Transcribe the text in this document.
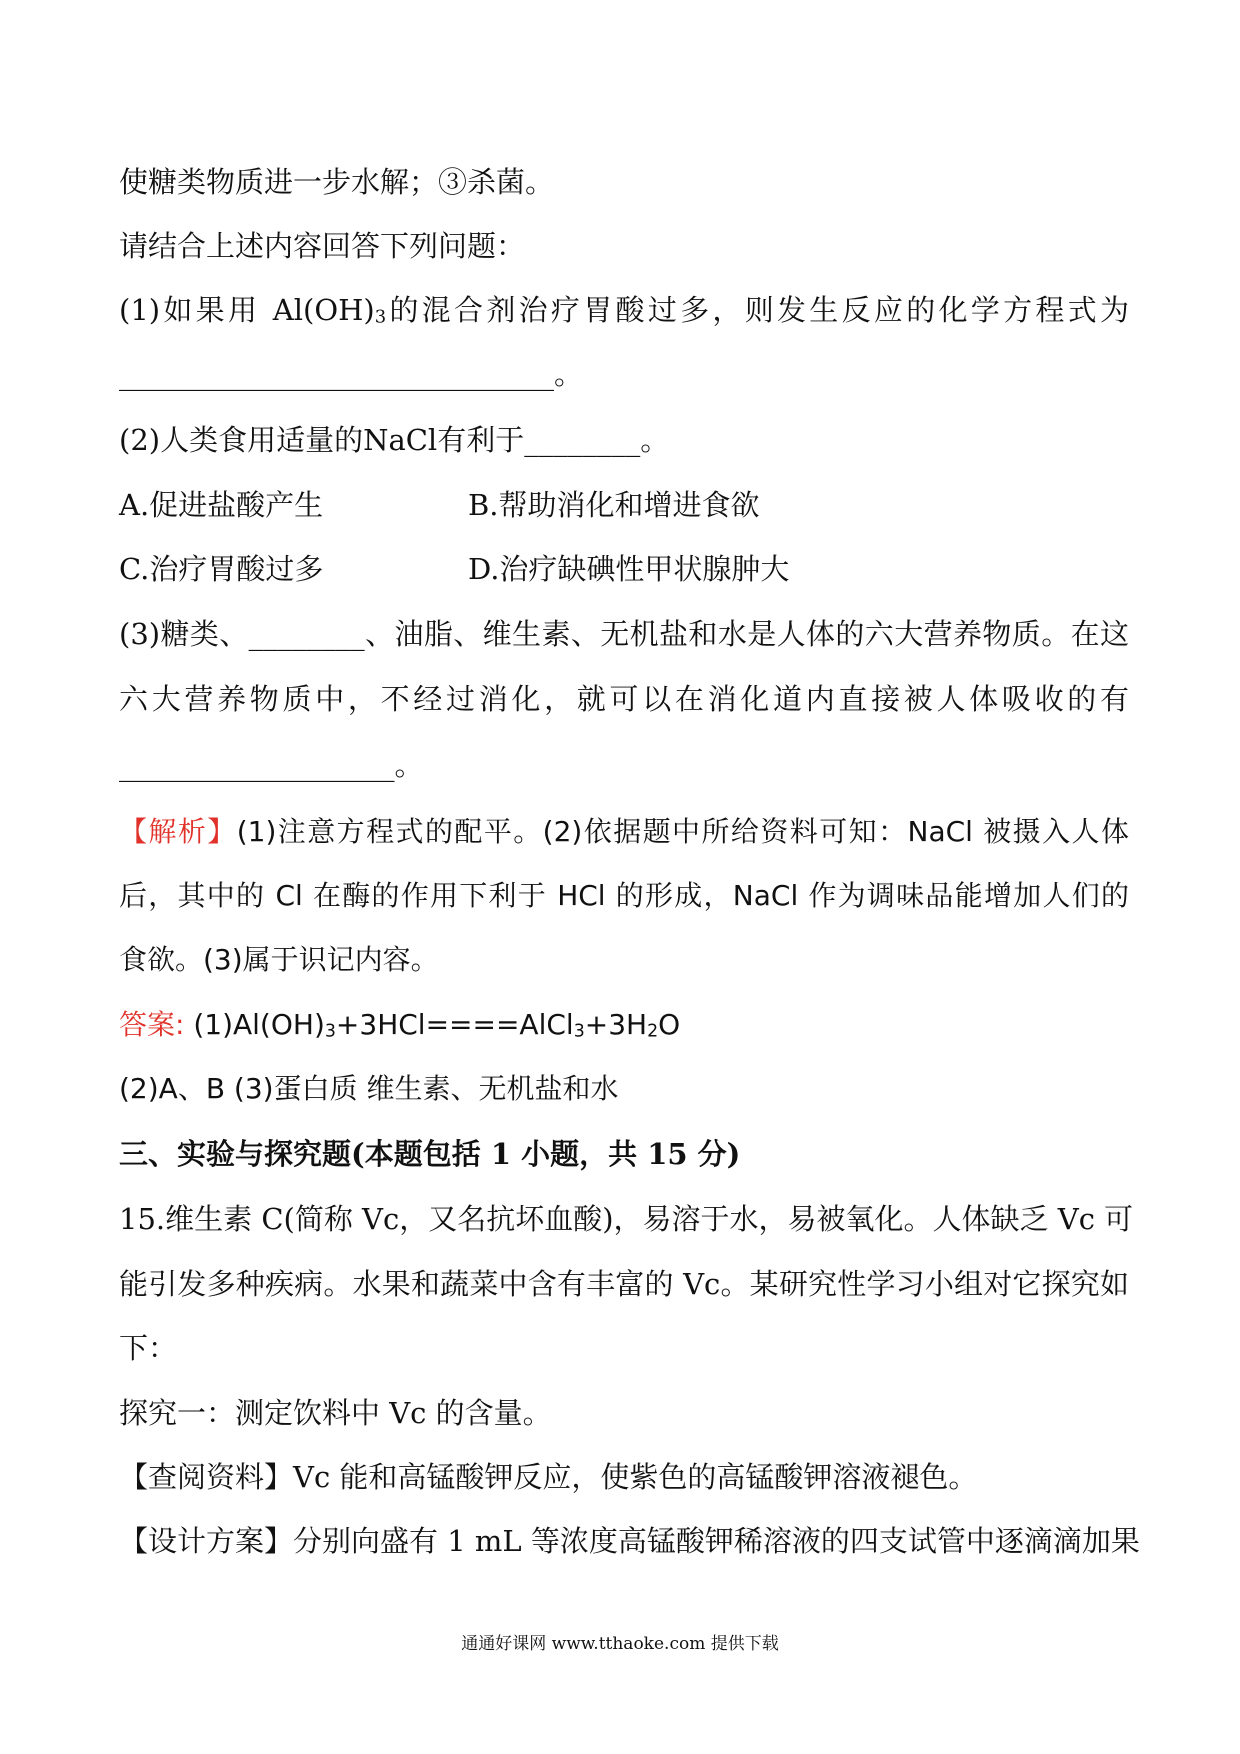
使糖类物质进一步水解；③杀菌。
请结合上述内容回答下列问题：
(1)如果用 $Al(OH)_3$的混合剂治疗胃酸过多，则发生反应的化学方程式为
______________________________。
(2)人类食用适量的NaCl有利于________。
A.促进盐酸产生	B.帮助消化和增进食欲
C.治疗胃酸过多	D.治疗缺碘性甲状腺肿大
(3)糖类、________、油脂、维生素、无机盐和水是人体的六大营养物质。在这
六大营养物质中，不经过消化，就可以在消化道内直接被人体吸收的有
___________________。
【解析】(1)注意方程式的配平。(2)依据题中所给资料可知：NaCl 被摄入人体
后，其中的 Cl 在酶的作用下利于 HCl 的形成，NaCl 作为调味品能增加人们的
食欲。(3)属于识记内容。
答案: $(1)Al(OH)_3+3HCl====AlCl_3+3H_2O$
(2)A、B (3)蛋白质 维生素、无机盐和水
三、实验与探究题(本题包括 1 小题，共 15 分)
15.维生素 C(简称 Vc，又名抗坏血酸)，易溶于水，易被氧化。人体缺乏 Vc 可
能引发多种疾病。水果和蔬菜中含有丰富的 Vc。某研究性学习小组对它探究如
下：
探究一：测定饮料中 Vc 的含量。
【查阅资料】Vc 能和高锰酸钾反应，使紫色的高锰酸钾溶液褪色。
【设计方案】分别向盛有 1 mL 等浓度高锰酸钾稀溶液的四支试管中逐滴滴加果
通通好课网 www.tthaoke.com 提供下载
